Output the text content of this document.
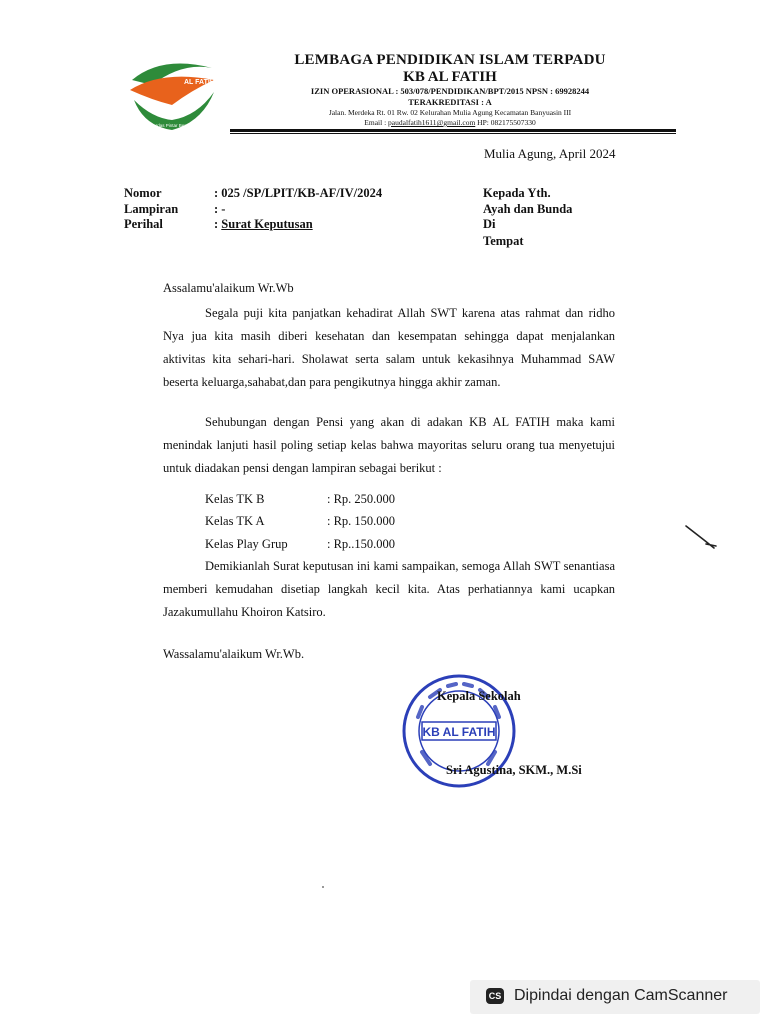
AL FATIH
Cerdas Pintar Berakhlak
LEMBAGA PENDIDIKAN ISLAM TERPADU
KB AL FATIH
IZIN OPERASIONAL : 503/078/PENDIDIKAN/BPT/2015 NPSN : 69928244
TERAKREDITASI : A
Jalan. Merdeka Rt. 01 Rw. 02 Kelurahan Mulia Agung Kecamatan Banyuasin III
Email : paudalfatih1611@gmail.com HP: 082175507330
Mulia Agung, April 2024
Nomor	: 025 /SP/LPIT/KB-AF/IV/2024
Lampiran	: -
Perihal	: Surat Keputusan
Kepada Yth.
Ayah dan Bunda
Di
Tempat
Assalamu'alaikum Wr.Wb

Segala puji kita panjatkan kehadirat Allah SWT karena atas rahmat dan ridho Nya jua kita masih diberi kesehatan dan kesempatan sehingga dapat menjalankan aktivitas kita sehari-hari. Sholawat serta salam untuk kekasihnya Muhammad SAW beserta keluarga,sahabat,dan para pengikutnya hingga akhir zaman.

Sehubungan dengan Pensi yang akan di adakan KB AL FATIH maka kami menindak lanjuti hasil poling setiap kelas bahwa mayoritas seluru orang tua menyetujui untuk diadakan pensi dengan lampiran sebagai berikut :

Kelas TK B	: Rp. 250.000
Kelas TK A	: Rp. 150.000
Kelas Play Grup	: Rp..150.000

Demikianlah Surat keputusan ini kami sampaikan, semoga Allah SWT senantiasa memberi kemudahan disetiap langkah kecil kita. Atas perhatiannya kami ucapkan Jazakumullahu Khoiron Katsiro.

Wassalamu'alaikum Wr.Wb.
KB AL FATIH
Kepala Sekolah
Sri Agustina, SKM., M.Si
CS Dipindai dengan CamScanner
